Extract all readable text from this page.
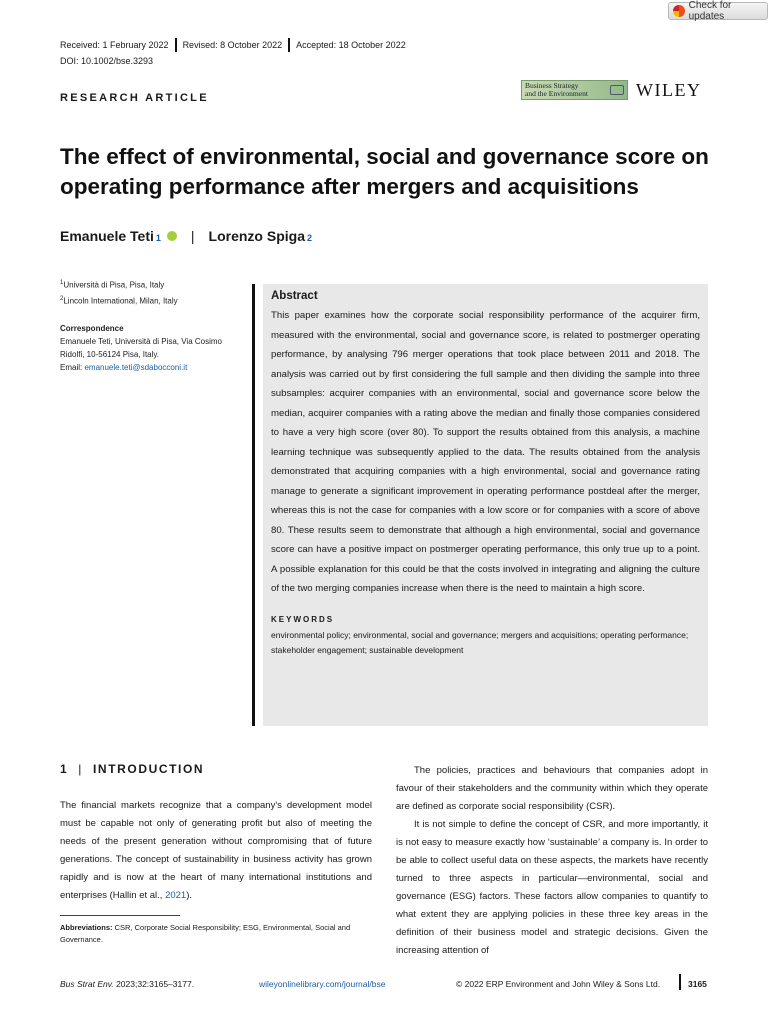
Check for updates
Received: 1 February 2022 Revised: 8 October 2022 Accepted: 18 October 2022
DOI: 10.1002/bse.3293
RESEARCH ARTICLE
Business Strategy
and the Environment	WILEY
The effect of environmental, social and governance score on operating performance after mergers and acquisitions
Emanuele Teti 1 | Lorenzo Spiga 2
$^1$Università di Pisa, Pisa, Italy
$^2$Lincoln International, Milan, Italy
Correspondence
Emanuele Teti, Università di Pisa, Via Cosimo Ridolfi, 10-56124 Pisa, Italy.
Email: emanuele.teti@sdabocconi.it
Abstract
This paper examines how the corporate social responsibility performance of the acquirer firm, measured with the environmental, social and governance score, is related to postmerger operating performance, by analysing 796 merger operations that took place between 2011 and 2018. The analysis was carried out by first considering the full sample and then dividing the sample into three subsamples: acquirer companies with an environmental, social and governance score below the median, acquirer companies with a rating above the median and finally those companies considered to have a very high score (over 80). To support the results obtained from this analysis, a machine learning technique was subsequently applied to the data. The results obtained from the analysis demonstrated that acquiring companies with a high environmental, social and governance rating manage to generate a significant improvement in operating performance postdeal after the merger, whereas this is not the case for companies with a low score or for companies with a score of above 80. These results seem to demonstrate that although a high environmental, social and governance score can have a positive impact on postmerger operating performance, this only true up to a point. A possible explanation for this could be that the costs involved in integrating and aligning the culture of the two merging companies increase when there is the need to maintain a high score.
KEYWORDS
environmental policy; environmental, social and governance; mergers and acquisitions; operating performance; stakeholder engagement; sustainable development
1 | INTRODUCTION
The financial markets recognize that a company's development model must be capable not only of generating profit but also of meeting the needs of the present generation without compromising that of future generations. The concept of sustainability in business activity has grown rapidly and is now at the heart of many international institutions and enterprises (Hallin et al., 2021).
Abbreviations: CSR, Corporate Social Responsibility; ESG, Environmental, Social and Governance.

The policies, practices and behaviours that companies adopt in favour of their stakeholders and the community within which they operate are defined as corporate social responsibility (CSR).

It is not simple to define the concept of CSR, and more importantly, it is not easy to measure exactly how ‘sustainable’ a company is. In order to be able to collect useful data on these aspects, the markets have recently turned to three aspects in particular—environmental, social and governance (ESG) factors. These factors allow companies to quantify to what extent they are applying policies in these three key areas in the definition of their business model and strategic decisions. Given the increasing attention of

Bus Strat Env. 2023;32:3165–3177.	wileyonlinelibrary.com/journal/bse	© 2022 ERP Environment and John Wiley & Sons Ltd.	3165
